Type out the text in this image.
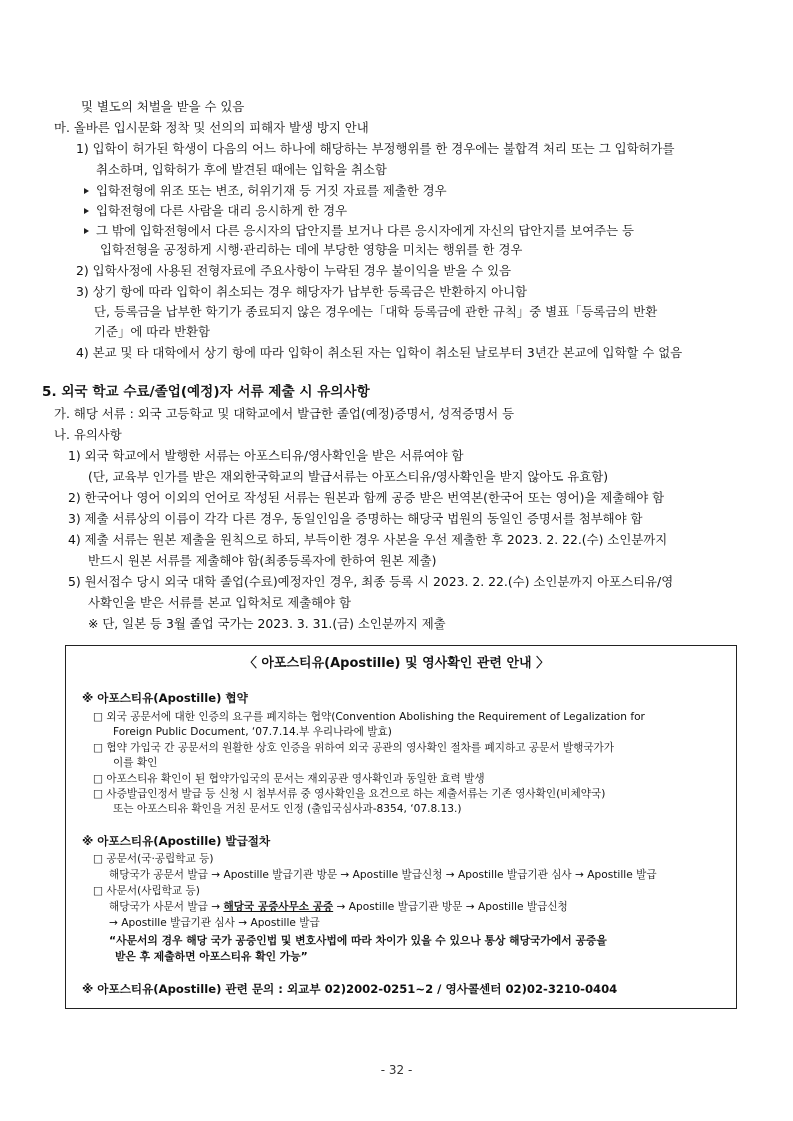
및 별도의 처벌을 받을 수 있음
마. 올바른 입시문화 정착 및 선의의 피해자 발생 방지 안내
1) 입학이 허가된 학생이 다음의 어느 하나에 해당하는 부정행위를 한 경우에는 불합격 처리 또는 그 입학허가를
취소하며, 입학허가 후에 발견된 때에는 입학을 취소함
입학전형에 위조 또는 변조, 허위기재 등 거짓 자료를 제출한 경우
입학전형에 다른 사람을 대리 응시하게 한 경우
그 밖에 입학전형에서 다른 응시자의 답안지를 보거나 다른 응시자에게 자신의 답안지를 보여주는 등
입학전형을 공정하게 시행·관리하는 데에 부당한 영향을 미치는 행위를 한 경우
2) 입학사정에 사용된 전형자료에 주요사항이 누락된 경우 불이익을 받을 수 있음
3) 상기 항에 따라 입학이 취소되는 경우 해당자가 납부한 등록금은 반환하지 아니함
단, 등록금을 납부한 학기가 종료되지 않은 경우에는「대학 등록금에 관한 규칙」중 별표「등록금의 반환
기준」에 따라 반환함
4) 본교 및 타 대학에서 상기 항에 따라 입학이 취소된 자는 입학이 취소된 날로부터 3년간 본교에 입학할 수 없음
5. 외국 학교 수료/졸업(예정)자 서류 제출 시 유의사항
가. 해당 서류 : 외국 고등학교 및 대학교에서 발급한 졸업(예정)증명서, 성적증명서 등
나. 유의사항
1) 외국 학교에서 발행한 서류는 아포스티유/영사확인을 받은 서류여야 함
(단, 교육부 인가를 받은 재외한국학교의 발급서류는 아포스티유/영사확인을 받지 않아도 유효함)
2) 한국어나 영어 이외의 언어로 작성된 서류는 원본과 함께 공증 받은 번역본(한국어 또는 영어)을 제출해야 함
3) 제출 서류상의 이름이 각각 다른 경우, 동일인임을 증명하는 해당국 법원의 동일인 증명서를 첨부해야 함
4) 제출 서류는 원본 제출을 원칙으로 하되, 부득이한 경우 사본을 우선 제출한 후 2023. 2. 22.(수) 소인분까지
반드시 원본 서류를 제출해야 함(최종등록자에 한하여 원본 제출)
5) 원서접수 당시 외국 대학 졸업(수료)예정자인 경우, 최종 등록 시 2023. 2. 22.(수) 소인분까지 아포스티유/영
사확인을 받은 서류를 본교 입학처로 제출해야 함
※ 단, 일본 등 3월 졸업 국가는 2023. 3. 31.(금) 소인분까지 제출
〈 아포스티유(Apostille) 및 영사확인 관련 안내 〉
※ 아포스티유(Apostille) 협약
□ 외국 공문서에 대한 인증의 요구를 폐지하는 협약(Convention Abolishing the Requirement of Legalization for
Foreign Public Document, ‘07.7.14.부 우리나라에 발효)
□ 협약 가입국 간 공문서의 원활한 상호 인증을 위하여 외국 공관의 영사확인 절차를 폐지하고 공문서 발행국가가
이를 확인
□ 아포스티유 확인이 된 협약가입국의 문서는 재외공관 영사확인과 동일한 효력 발생
□ 사증발급인정서 발급 등 신청 시 첨부서류 중 영사확인을 요건으로 하는 제출서류는 기존 영사확인(비체약국)
또는 아포스티유 확인을 거친 문서도 인정 (출입국심사과-8354, ‘07.8.13.)
※ 아포스티유(Apostille) 발급절차
□ 공문서(국·공립학교 등)
해당국가 공문서 발급 → Apostille 발급기관 방문 → Apostille 발급신청 → Apostille 발급기관 심사 → Apostille 발급
□ 사문서(사립학교 등)
해당국가 사문서 발급 → 해당국 공증사무소 공증 → Apostille 발급기관 방문 → Apostille 발급신청
→ Apostille 발급기관 심사 → Apostille 발급
“사문서의 경우 해당 국가 공증인법 및 변호사법에 따라 차이가 있을 수 있으나 통상 해당국가에서 공증을
받은 후 제출하면 아포스티유 확인 가능”
※ 아포스티유(Apostille) 관련 문의 : 외교부 02)2002-0251~2 / 영사콜센터 02)02-3210-0404
- 32 -
